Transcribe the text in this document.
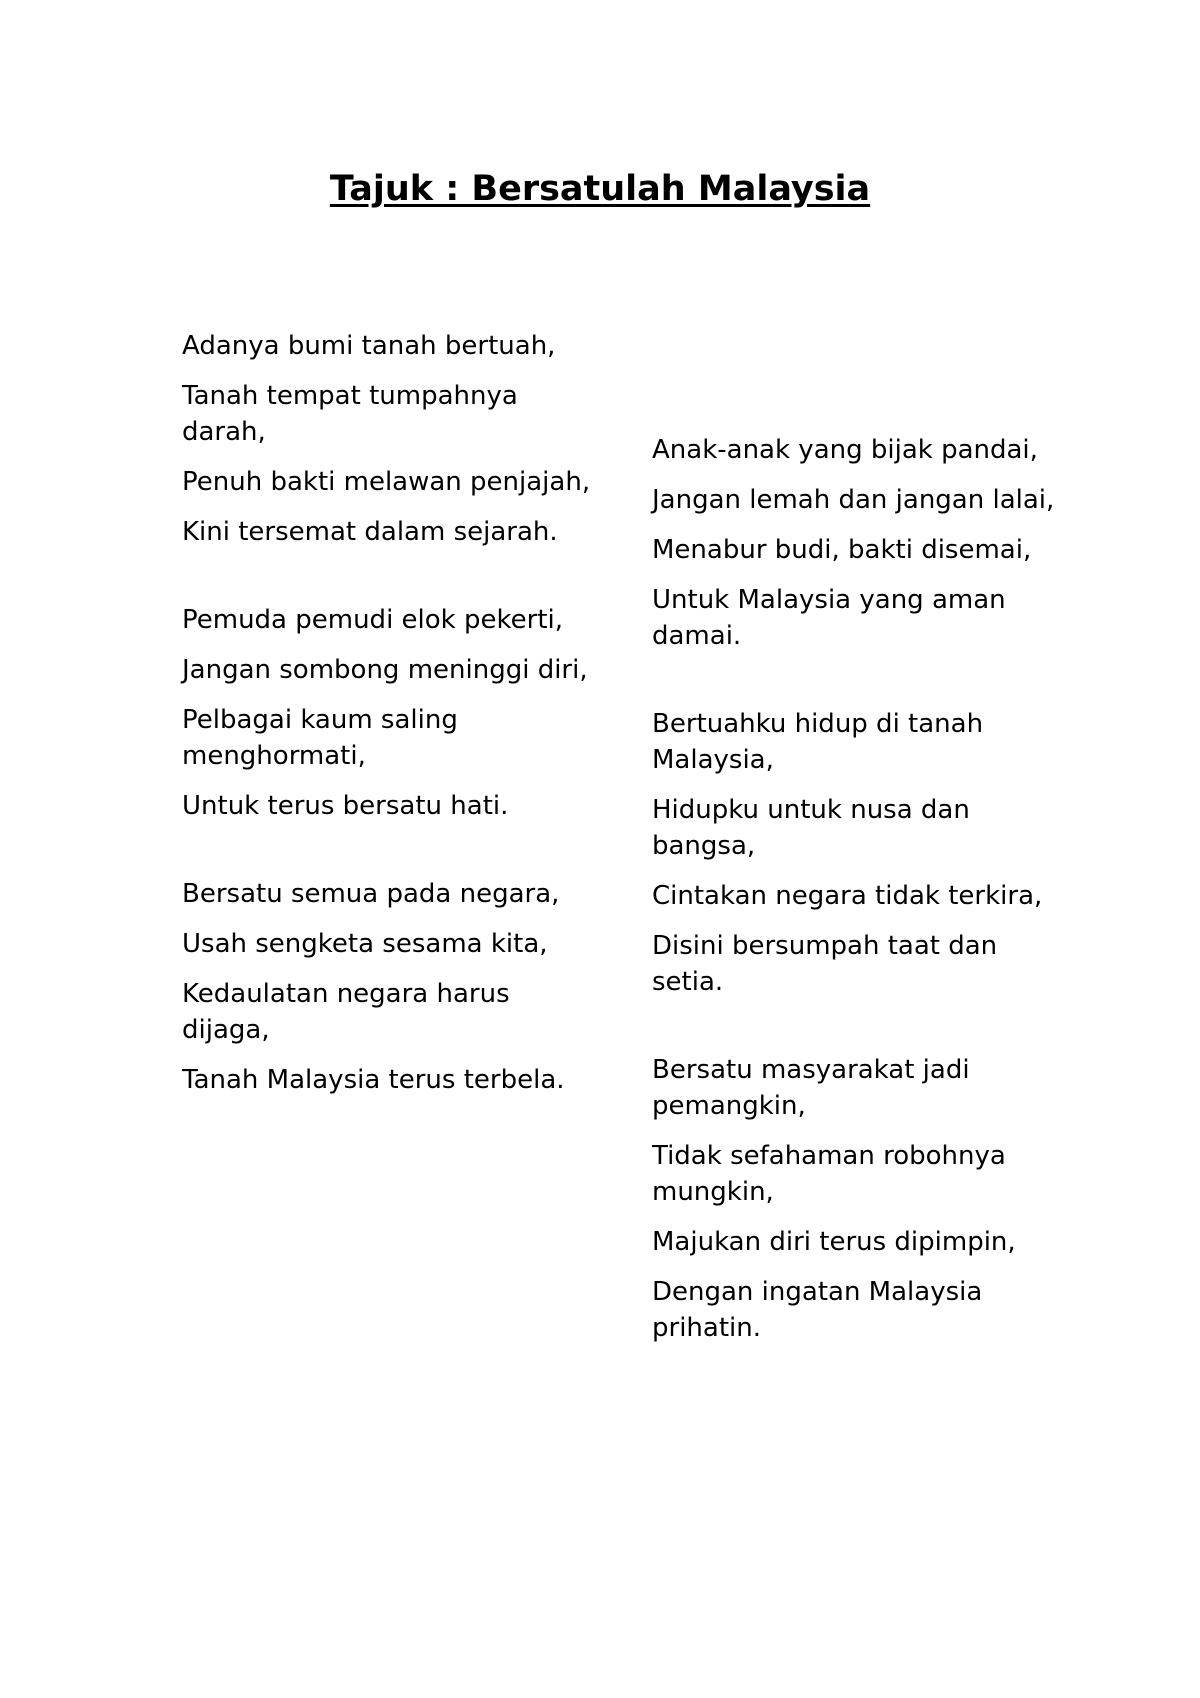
Tajuk : Bersatulah Malaysia
Adanya bumi tanah bertuah,
Tanah tempat tumpahnya darah,
Penuh bakti melawan penjajah,
Kini tersemat dalam sejarah.
Pemuda pemudi elok pekerti,
Jangan sombong meninggi diri,
Pelbagai kaum saling menghormati,
Untuk terus bersatu hati.
Bersatu semua pada negara,
Usah sengketa sesama kita,
Kedaulatan negara harus dijaga,
Tanah Malaysia terus terbela.
Anak-anak yang bijak pandai,
Jangan lemah dan jangan lalai,
Menabur budi, bakti disemai,
Untuk Malaysia yang aman damai.
Bertuahku hidup di tanah Malaysia,
Hidupku untuk nusa dan bangsa,
Cintakan negara tidak terkira,
Disini bersumpah taat dan setia.
Bersatu masyarakat jadi pemangkin,
Tidak sefahaman robohnya mungkin,
Majukan diri terus dipimpin,
Dengan ingatan Malaysia prihatin.
